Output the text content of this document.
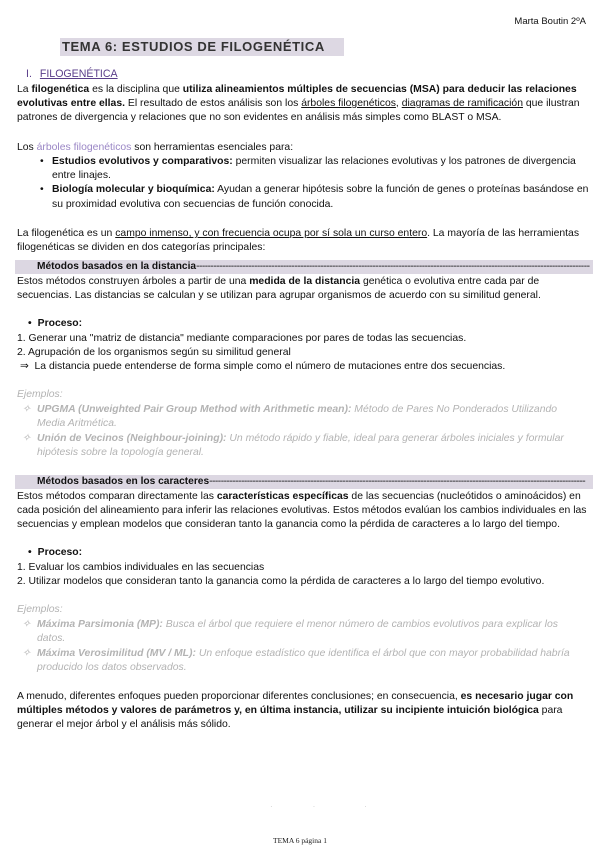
Marta Boutin 2ºA
TEMA 6: ESTUDIOS DE FILOGENÉTICA
I. FILOGENÉTICA

La filogenética es la disciplina que utiliza alineamientos múltiples de secuencias (MSA) para deducir las relaciones evolutivas entre ellas. El resultado de estos análisis son los árboles filogenéticos, diagramas de ramificación que ilustran patrones de divergencia y relaciones que no son evidentes en análisis más simples como BLAST o MSA.

Los árboles filogenéticos son herramientas esenciales para:

• Estudios evolutivos y comparativos: permiten visualizar las relaciones evolutivas y los patrones de divergencia entre linajes.
• Biología molecular y bioquímica: Ayudan a generar hipótesis sobre la función de genes o proteínas basándose en su proximidad evolutiva con secuencias de función conocida.

La filogenética es un campo inmenso, y con frecuencia ocupa por sí sola un curso entero. La mayoría de las herramientas filogenéticas se dividen en dos categorías principales:

Métodos basados en la distancia----------------------------------------------------------------------------------------------------------------------------------------

Estos métodos construyen árboles a partir de una medida de la distancia genética o evolutiva entre cada par de secuencias. Las distancias se calculan y se utilizan para agrupar organismos de acuerdo con su similitud general.

• Proceso:
1. Generar una "matriz de distancia" mediante comparaciones por pares de todas las secuencias.
2. Agrupación de los organismos según su similitud general
⇒ La distancia puede entenderse de forma simple como el número de mutaciones entre dos secuencias.
Ejemplos:
✧ UPGMA (Unweighted Pair Group Method with Arithmetic mean): Método de Pares No Ponderados Utilizando Media Aritmética.
✧ Unión de Vecinos (Neighbour-joining): Un método rápido y fiable, ideal para generar árboles iniciales y formular hipótesis sobre la topología general.
Métodos basados en los caracteres----------------------------------------------------------------------------------------------------------------------------------

Estos métodos comparan directamente las características específicas de las secuencias (nucleótidos o aminoácidos) en cada posición del alineamiento para inferir las relaciones evolutivas. Estos métodos evalúan los cambios individuales en las secuencias y emplean modelos que consideran tanto la ganancia como la pérdida de caracteres a lo largo del tiempo.

• Proceso:
1. Evaluar los cambios individuales en las secuencias
2. Utilizar modelos que consideran tanto la ganancia como la pérdida de caracteres a lo largo del tiempo evolutivo.
Ejemplos:
✧ Máxima Parsimonia (MP): Busca el árbol que requiere el menor número de cambios evolutivos para explicar los datos.
✧ Máxima Verosimilitud (MV / ML): Un enfoque estadístico que identifica el árbol que con mayor probabilidad habría producido los datos observados.

A menudo, diferentes enfoques pueden proporcionar diferentes conclusiones; en consecuencia, es necesario jugar con múltiples métodos y valores de parámetros y, en última instancia, utilizar su incipiente intuición biológica para generar el mejor árbol y el análisis más sólido.

·                  ·                      ·
TEMA 6 página 1
